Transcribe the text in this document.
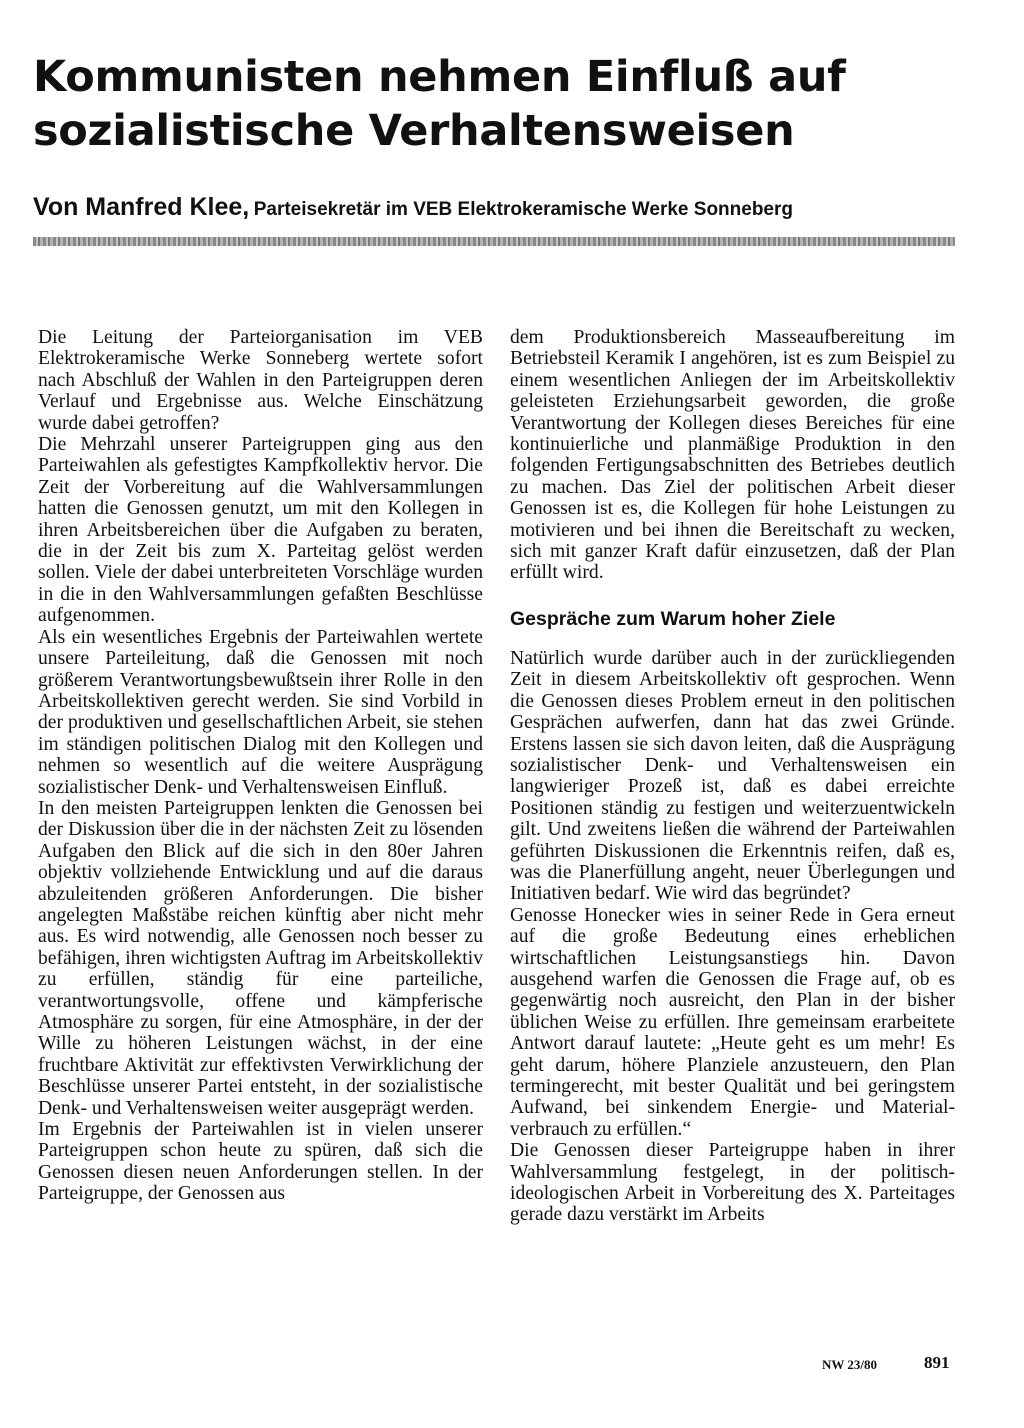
Kommunisten nehmen Einfluß auf
sozialistische Verhaltensweisen
Von Manfred Klee, Parteisekretär im VEB Elektrokeramische Werke Sonneberg

Die Leitung der Parteiorganisation im VEB Elektrokeramische Werke Sonneberg wertete sofort nach Abschluß der Wahlen in den Parteigruppen deren Verlauf und Ergebnisse aus. Welche Einschätzung wurde dabei getroffen?

Die Mehrzahl unserer Parteigruppen ging aus den Parteiwahlen als gefestigtes Kampfkollektiv hervor. Die Zeit der Vorbereitung auf die Wahlversammlungen hatten die Genossen genutzt, um mit den Kollegen in ihren Arbeitsbereichen über die Aufgaben zu beraten, die in der Zeit bis zum X. Parteitag gelöst werden sollen. Viele der dabei unterbreiteten Vorschläge wurden in die in den Wahlversammlungen gefaßten Beschlüsse aufgenommen.

Als ein wesentliches Ergebnis der Parteiwahlen wertete unsere Parteileitung, daß die Genossen mit noch größerem Verantwortungsbewußtsein ihrer Rolle in den Arbeitskollektiven gerecht werden. Sie sind Vorbild in der produktiven und gesellschaftlichen Arbeit, sie stehen im ständigen politischen Dialog mit den Kollegen und nehmen so wesentlich auf die weitere Ausprägung sozialistischer Denk- und Verhaltensweisen Einfluß.

In den meisten Parteigruppen lenkten die Genossen bei der Diskussion über die in der nächsten Zeit zu lösenden Aufgaben den Blick auf die sich in den 80er Jahren objektiv vollziehende Entwicklung und auf die daraus abzuleitenden größeren Anforderungen. Die bisher angelegten Maßstäbe reichen künftig aber nicht mehr aus. Es wird notwendig, alle Genossen noch besser zu befähigen, ihren wichtigsten Auftrag im Arbeitskollektiv zu erfüllen, ständig für eine parteiliche, verantwortungsvolle, offene und kämpferische Atmosphäre zu sorgen, für eine Atmosphäre, in der der Wille zu höheren Leistungen wächst, in der eine fruchtbare Aktivität zur effektivsten Verwirklichung der Beschlüsse unserer Partei entsteht, in der sozialistische Denk- und Verhaltensweisen weiter ausgeprägt werden.

Im Ergebnis der Parteiwahlen ist in vielen unserer Parteigruppen schon heute zu spüren, daß sich die Genossen diesen neuen Anforderungen stellen. In der Parteigruppe, der Genossen aus

dem Produktionsbereich Masseaufbereitung im Betriebsteil Keramik I angehören, ist es zum Beispiel zu einem wesentlichen Anliegen der im Arbeitskollektiv geleisteten Erziehungsarbeit geworden, die große Verantwortung der Kollegen dieses Bereiches für eine kontinuierliche und planmäßige Produktion in den folgenden Fertigungsabschnitten des Betriebes deutlich zu machen. Das Ziel der politischen Arbeit dieser Genossen ist es, die Kollegen für hohe Leistungen zu motivieren und bei ihnen die Bereitschaft zu wecken, sich mit ganzer Kraft dafür einzusetzen, daß der Plan erfüllt wird.

Gespräche zum Warum hoher Ziele

Natürlich wurde darüber auch in der zurückliegenden Zeit in diesem Arbeitskollektiv oft gesprochen. Wenn die Genossen dieses Problem erneut in den politischen Gesprächen aufwerfen, dann hat das zwei Gründe. Erstens lassen sie sich davon leiten, daß die Ausprägung sozialistischer Denk- und Verhaltensweisen ein langwieriger Prozeß ist, daß es dabei erreichte Positionen ständig zu festigen und weiterzuentwickeln gilt. Und zweitens ließen die während der Parteiwahlen geführten Diskussionen die Erkenntnis reifen, daß es, was die Planerfüllung angeht, neuer Überlegungen und Initiativen bedarf. Wie wird das begründet?

Genosse Honecker wies in seiner Rede in Gera erneut auf die große Bedeutung eines erheblichen wirtschaftlichen Leistungsanstiegs hin. Davon ausgehend warfen die Genossen die Frage auf, ob es gegenwärtig noch ausreicht, den Plan in der bisher üblichen Weise zu erfüllen. Ihre gemeinsam erarbeitete Antwort darauf lautete: „Heute geht es um mehr! Es geht darum, höhere Planziele anzusteuern, den Plan termingerecht, mit bester Qualität und bei geringstem Aufwand, bei sinkendem Energie- und Materialverbrauch zu erfüllen.“

Die Genossen dieser Parteigruppe haben in ihrer Wahlversammlung festgelegt, in der politisch-ideologischen Arbeit in Vorbereitung des X. Parteitages gerade dazu verstärkt im Arbeits

NW 23/80	891
